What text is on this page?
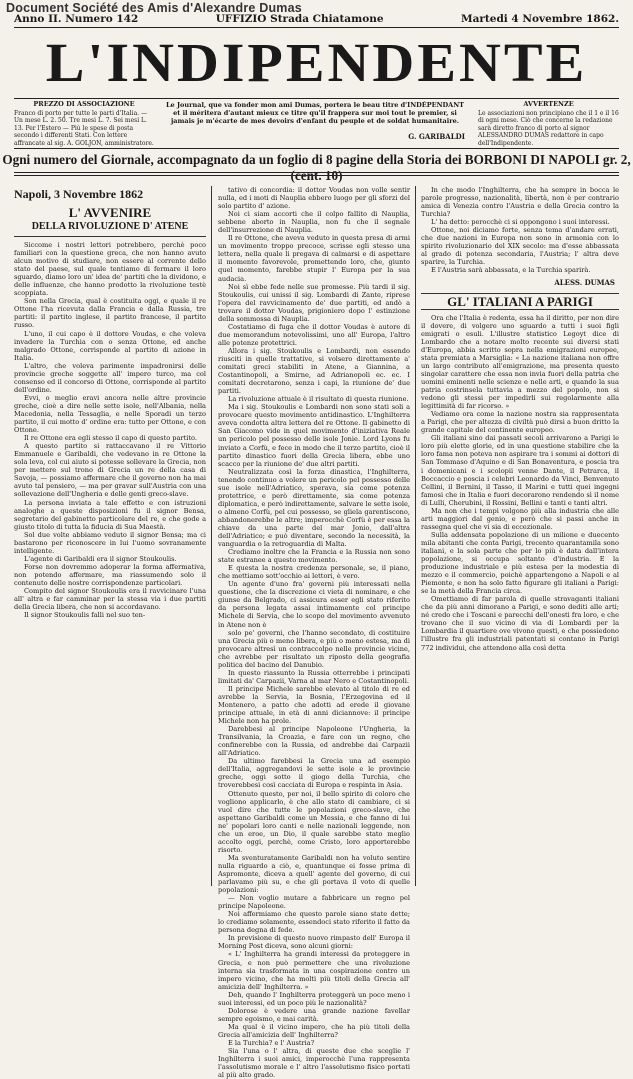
Document Société des Amis d'Alexandre Dumas
Anno II. Numero 142	UFFIZIO Strada Chiatamone	Martedi 4 Novembre 1862.
L'INDIPENDENTE
PREZZO DI ASSOCIAZIONE
Franco di porto per tutte le parti d'Italia. — Un mese L. 2. 50. Tre mesi L. 7. Sei mesi L. 13. Per l'Estero — Più le spese di posta secondo i differenti Stati. Con lettere affrancate al sig. A. GOLJON, amministratore.
Le Journal, que va fonder mon ami Dumas, portera le beau titre d'INDÉPENDANT et il méritera d'autant mieux ce titre qu'il frappera sur moi tout le premier, si jamais je m'écarte de mes devoirs d'enfant du peuple et de soldat humanitaire.
G. GARIBALDI
AVVERTENZE
Le associazioni non principiano che il 1 e il 16 di ogni mese. Ciò che concerne la redazione sarà diretto franco di porto al signor ALESSANDRO DUMAS redattore in capo dell'Indipendente.
Ogni numero del Giornale, accompagnato da un foglio di 8 pagine della Storia dei BORBONI DI NAPOLI gr. 2, (cent. 10)
Napoli, 3 Novembre 1862
L' AVVENIRE
DELLA RIVOLUZIONE D' ATENE

Siccome i nostri lettori potrebbero, perchè poco familiari con la questione greca, che non hanno avuto alcun motivo di studiare, non essere al corrente dello stato del paese, sul quale tentiamo di fermare il loro sguardo, diamo loro un' idea de' partiti che la dividono, e delle influenze, che hanno prodotto la rivoluzione testè scoppiata.

Son nella Grecia, qual è costituita oggi, e quale il re Ottone l'ha ricevuta dalla Francia e dalla Russia, tre partiti: il partito inglese, il partito francese, il partito russo.

L'uno, il cui capo è il dottore Voudas, e che voleva invadere la Turchia con o senza Ottone, ed anche malgrado Ottone, corrisponde al partito di azione in Italia.

L'altro, che voleva parimente impadronirsi delle provincie greche soggette all' impero turco, ma col consenso ed il concorso di Ottone, corrisponde al partito dell'ordine.

Evvi, o meglio eravi ancora nelle altre provincie greche, cioè a dire nelle sette isole, nell'Albania, nella Macedonia, nella Tessaglia, e nelle Sporadi un terzo partito, il cui motto d' ordine era: tutto per Ottone, e con Ottone.

Il re Ottone era egli stesso il capo di questo partito.

A questo partito si rattaccavano il re Vittorio Emmanuele e Garibaldi, che vedevano in re Ottone la sola leva, col cui aiuto si potesse sollevare la Grecia, non per mettere sul trono di Grecia un re della casa di Savoja, — possiamo affermare che il governo non ha mai avuto tal pensiero, — ma per gravar sull'Austria con una sollevazione dell'Ungheria e delle genti greco-slave.

La persona inviata a tale effetto e con istruzioni analoghe a queste disposizioni fu il signor Bensa, segretario del gabinetto particolare del re, e che gode a giusto titolo di tutta la fiducia di Sua Maestà.

Sol due volte abbiamo veduto il signor Bensa; ma ci bastarono per riconoscere in lui l'uomo sovranamente intelligente.

L'agente di Garibaldi era il signor Stoukoulis.

Forse non dovremmo adoperar la forma affermativa, non potendo affermare, ma riassumendo solo il contenuto delle nostre corrispondenze particolari.

Compito del signor Stoukoulis era il ravvicinare l'una all' altra e far camminar per la stessa via i due partiti della Grecia libera, che non si accordavano.

Il signor Stoukoulis falli nel suo ten-

tativo di concordia: il dottor Voudas non volle sentir nulla, ed i moti di Nauplia ebbero luogo per gli sforzi del solo partito d' azione.

Noi ci siam accorti che il colpo fallito di Nauplia, sebbene aborto in Nauplia, non fu che il segnale dell'insurrezione di Nauplia.

Il re Ottone, che aveva veduto in questa presa di armi un movimento troppo precoce, scrisse egli stesso una lettera, nella quale li pregava di calmarsi e di aspettare il momento favorevole, promettendo loro, che, giunto quel momento, farebbe stupir l' Europa per la sua audacia.

Noi sì ebbe fede nelle sue promesse. Più tardi il sig. Stoukoulis, cui unissi il sig. Lombardi di Zante, riprese l'opera del ravvicinamento de' due partiti, ed andò a trovare il dottor Voudas, prigioniero dopo l' estinzione della sommossa di Nauplia.

Costatiamo di fuga che il dottor Voudas è autore di due memorandum notevolissimi, uno all' Europa, l'altro alle potenze protettrici.

Allora i sig. Stoukoulis e Lombardi, non essendo riusciti in quelle trattative, si volsero direttamente a' comitati greci stabiliti in Atene, a Giannina, a Costantinopoli, a Smirne, ad Adrianopoli ec. ec. I comitati decretarono, senza i capi, la riunione de' due partiti.

La rivoluzione attuale è il risultato di questa riunione.

Ma i sig. Stoukoulis e Lombardi non sono stati soli a provocare questo movimento antidinastico. L'Inghilterra aveva condotta altra lettera del re Ottone. Il gabinetto di San Giacomo vide in quel movimento d'iniziativa Reale un pericolo pel possesso delle isole Jonie. Lord Lyons fu inviato a Corfù, e fece in modo che il terzo partito, cioè il partito dinastico fuori della Grecia libera, ebbe uno scacco per la riunione de' due altri partiti.

Neutralizzata così la forza dinastica, l'Inghilterra, tenendo continuo a volere un pericolo pel possesso delle sue isole nell'Adriatico, sperava, sia come potenza protettrice, e però direttamente, sia come potenza diplomatica, e però indirettamente, salvare le sette isole, o almeno Corfù, pel cui possesso, se gliela garentiscono, abbandonerebbe le altre; imperocchè Corfù è per essa la chiave da una parte del mar Jonio, dall'altra dell'Adriatico; e può diventare, secondo la necessità, la vanguardia o la retroguardia di Malta.

Crediamo inoltre che la Francia e la Russia non sono state estranee a questo movimento.

E questa la nostra credenza personale, se, il piano, che mettiamo sott'occhio ai lettori, è vero.

Un agente d'uno fra' governi più interessati nella questione, che la discrezione ci vieta di nominare, e che giunse da Belgrado, ci assicura esser egli stato riferito da persona legata assai intimamente col principe Michele di Servia, che lo scopo del movimento avvenuto in Atene non è

solo pe' governi, che l'hanno secondato, di costituire una Grecia più o meno libera, e più o meno estesa, ma di provocare altresì un contraccolpo nelle provincie vicine, che avrebbe per risultato un riposto della geografia politica del bacino del Danubio.

In questo riassunto la Russia otterrebbe i principati limitati da' Carpazii, Varna al mar Nero e Costantinopoli.

Il principe Michele sarebbe elevato al titolo di re ed avrebbe la Servia, la Bosnia, l'Erzegovina ed il Montenero, a patto che adotti ad erede il giovane principe attuale, in età di anni diciannove: il principe Michele non ha prole.

Darebbesi al principe Napoleone l'Ungheria, la Transilvania, la Croazia, e fare con un regno, che confinerebbe con la Russia, ed andrebbe dai Carpazii all'Adriatico.

Da ultimo farebbesi la Grecia una ad esempio dell'Italia, aggregandovi le sette isole e le provincie greche, oggi sotto il giogo della Turchia, che troverebbesi così cacciata di Europa e respinta in Asia.

Ottenuto questo, per noi, il bello spirito di coloro che vogliono applicarlo, è che allo stato di cambiare, ci si vuol dire che tutte le popolazioni greco-slave, che aspettano Garibaldi come un Messia, e che fanno di lui ne' popolari loro canti e nelle nazionali leggende, non che un eroe, un Dio, il quale sarebbe stato meglio accolto oggi, perchè, come Cristo, loro apporterebbe risorto.

Ma sventuratamente Garibaldi non ha voluto sentire nulla riguardo a ciò, e, quantunque ei fosse prima di Aspromonte, diceva a quell' agente del governo, di cui parlavamo più su, e che gli portava il voto di quelle popolazioni:

— Non voglio mutare a fabbricare un regno pel principe Napoleone.

Noi affermiamo che questo parole siano state dette; lo crediamo solamente, essendoci stato riferito il fatto da persona degna di fede.

In previsione di questo nuovo rimpasto dell' Europa il Morning Post diceva, sono alcuni giorni:

« L' Inghilterra ha grandi interessi da proteggere in Grecia, e non può permettere che una rivoluzione interna sia trasformata in una cospirazione contro un impero vicino, che ha molti più titoli della Grecia all' amicizia dell' Inghilterra. »

Deh, quando l' Inghilterra proteggerà un poco meno i suoi interessi, ed un poco più le nazionalità?

Dolorose è vedere una grande nazione favellar sempre egoismo, e mai carità.

Ma qual è il vicino impero, che ha più titoli della Grecia all'amicizia dell' Inghilterra?

E la Turchia? e l' Austria?

Sia l'una o l' altra, di queste due che sceglie l' Inghilterra i suoi amici, imperocchè l'una rappresenta l'assolutismo morale e l' altro l'assolutismo fisico portati al più alto grado.

In che modo l'Inghilterra, che ha sempre in bocca le parole progresso, nazionalità, libertà, non è per contrario amica di Venezia contro l'Austria e della Grecia contro la Turchia?

L' ha detto: perocchè ci si oppongono i suoi interessi.

Ottone, noi diciamo forte, senza tema d'andare errati, che due nazioni in Europa non sono in armonia con lo spirito rivoluzionario del XIX secolo: ma d'esse abbassata al grado di potenza secondaria, l'Austria; l' altra deve sparire, la Turchia.

E l'Austria sarà abbassata, e la Turchia sparirà.

ALESS. DUMAS
GL' ITALIANI A PARIGI

Ora che l'Italia è redenta, essa ha il diritto, per non dire il dovere, di volgere uno sguardo a tutti i suoi figli emigrati o esuli. L'illustre statistico Legoyt dice di Lombardo che a notare molto recente sui diversi stati d'Europa, abbia scritto sopra nella emigrazioni europee, stata premiata a Marsiglia: « La nazione italiana non offre un largo contributo all'emigrazione, ma presenta questo singolar carattere che essa non invia fuori della patria che uomini eminenti nelle scienze e nelle arti, e quando la sua patria costrinsela tuttavia a mezzo del popolo, non si vedono gli stessi per impedirli sui regolarmente alla legittimità di far ricorso. »

Vediamo ora come la nazione nostra sia rappresentata a Parigi, che per altezza di civiltà può dirsi a buon dritto la grande capitale del continente europeo.

Gli italiani sino dai passati secoli arrivarono a Parigi le loro più elette glorie, ed in una questione stabilire che la loro fama non poteva non aspirare tra i sommi ai dottori di San Tommaso d'Aquino e di San Bonaventura, e poscia tra i domenicani e i scolopii venne Dante, il Petrarca, il Boccaccio e poscia i celebri Leonardo da Vinci, Benvenuto Cellini, il Bernini, il Tasso, il Marini e tutti quei ingegni famosi che in Italia e fuori decorarono rendendo sì il nome di Lulli, Cherubini, il Rossini, Bellini e tanti e tanti altri.

Ma non che i tempi volgono più alla industria che alle arti maggiori dal genio, e però che si passi anche in rassegna quel che vi sia di eccezionale.

Sulla addensata popolazione di un milione e duecento mila abitanti che conta Parigi, trecento quarantamila sono italiani, e la sola parte che per lo più è data dall'intera popolazione, si occupa soltanto d'industria. E la produzione industriale e più estesa per la modestia di mezzo e il commercio, poichè appartengono a Napoli e al Piemonte, e non ha solo fatto figurare gli italiani a Parigi: se la metà della Francia circa.

Omettiamo di far parola di quelle stravaganti italiani che da più anni dimorano a Parigi, e sono dediti alle arti; né credo che i Toscani e parecchi dell'onesti fra loro, e che trovano che il suo vicino di via di Lombardi per la Lombardia il quartiere ove vivono questi, e che possiedono l'illustre fra gli industriali patentati si contano in Parigi 772 individui, che attendono alla così detta
